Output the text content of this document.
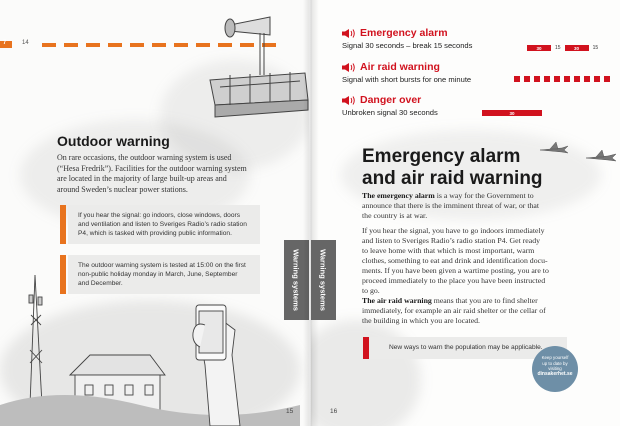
7	14
Outdoor warning
On rare occasions, the outdoor warning system is used
(“Hesa Fredrik”). Facilities for the outdoor warning system
are located in the majority of large built-up areas and
around Sweden’s nuclear power stations.
If you hear the signal: go indoors, close windows, doors
and ventilation and listen to Sveriges Radio’s radio station
P4, which is tasked with providing public information.
The outdoor warning system is tested at 15:00 on the first
non-public holiday monday in March, June, September
and December.	Warning systems
15
Warning systems
Emergency alarm
Signal 30 seconds – break 15 seconds	30	15	30	15
Air raid warning
Signal with short bursts for one minute
Danger over
Unbroken signal 30 seconds	30
Emergency alarm
and air raid warning
The emergency alarm is a way for the Government to
announce that there is the imminent threat of war, or that
the country is at war.
If you hear the signal, you have to go indoors immediately
and listen to Sveriges Radio’s radio station P4. Get ready
to leave home with that which is most important, warm
clothes, something to eat and drink and identification docu-
ments. If you have been given a wartime posting, you are to
proceed immediately to the place you have been instructed
to go.
The air raid warning means that you are to find shelter
immediately, for example an air raid shelter or the cellar of
the building in which you are located.
New ways to warn the population may be applicable.
Keep yourself
up to date by
visiting
dinsakerhet.se
16
